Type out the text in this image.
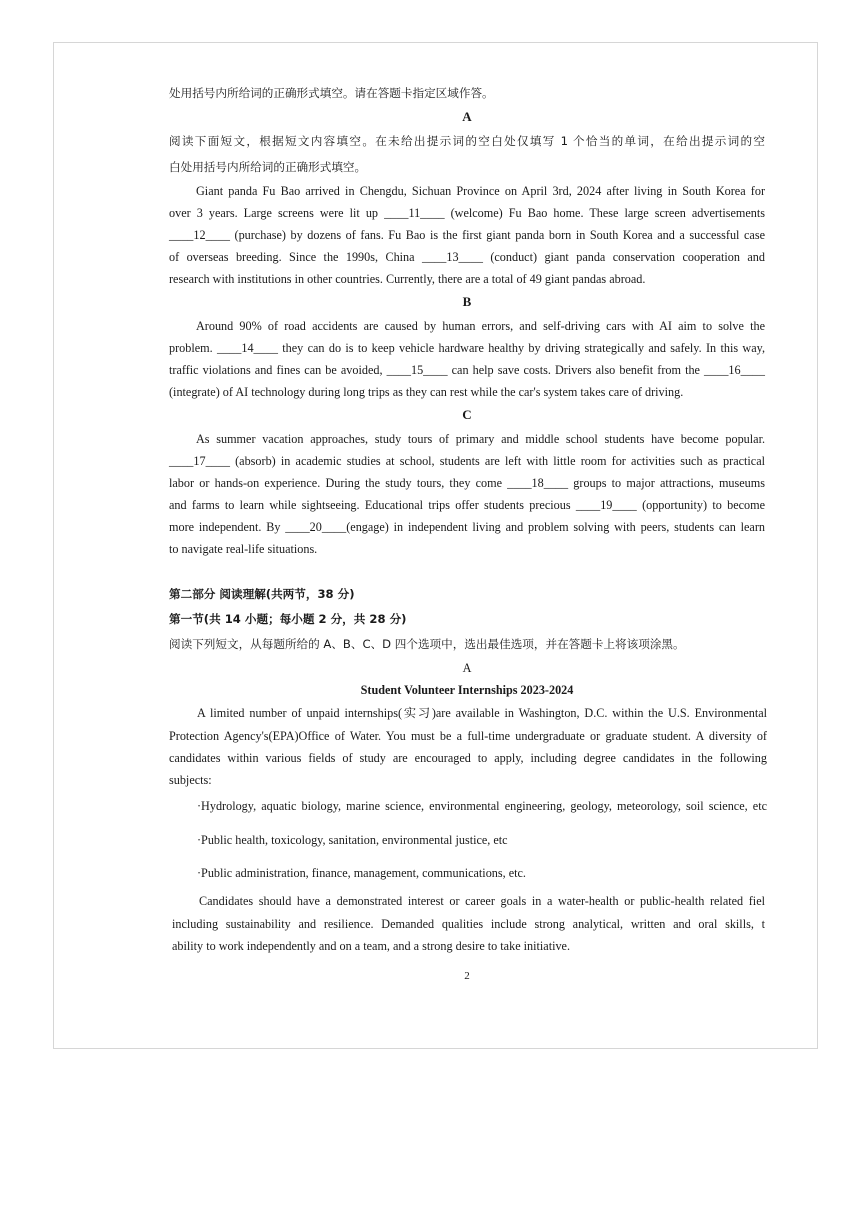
处用括号内所给词的正确形式填空。请在答题卡指定区域作答。
A
阅读下面短文，根据短文内容填空。在未给出提示词的空白处仅填写 1 个恰当的单词，在给出提示词的空
白处用括号内所给词的正确形式填空。
Giant panda Fu Bao arrived in Chengdu, Sichuan Province on April 3rd, 2024 after living in South Korea for
over 3 years. Large screens were lit up ____11____ (welcome) Fu Bao home. These large screen advertisements
____12____ (purchase) by dozens of fans. Fu Bao is the first giant panda born in South Korea and a successful case
of overseas breeding. Since the 1990s, China ____13____ (conduct) giant panda conservation cooperation and
research with institutions in other countries. Currently, there are a total of 49 giant pandas abroad.
B
Around 90% of road accidents are caused by human errors, and self-driving cars with AI aim to solve the
problem. ____14____ they can do is to keep vehicle hardware healthy by driving strategically and safely. In this way,
traffic violations and fines can be avoided, ____15____ can help save costs. Drivers also benefit from the ____16____
(integrate) of AI technology during long trips as they can rest while the car's system takes care of driving.
C
As summer vacation approaches, study tours of primary and middle school students have become popular.
____17____ (absorb) in academic studies at school, students are left with little room for activities such as practical
labor or hands-on experience. During the study tours, they come ____18____ groups to major attractions, museums
and farms to learn while sightseeing. Educational trips offer students precious ____19____ (opportunity) to become
more independent. By ____20____(engage) in independent living and problem solving with peers, students can learn
to navigate real-life situations.
第二部分 阅读理解(共两节，38 分)
第一节(共 14 小题；每小题 2 分，共 28 分)
阅读下列短文，从每题所给的 A、B、C、D 四个选项中，选出最佳选项，并在答题卡上将该项涂黑。
A
Student Volunteer Internships 2023-2024
A limited number of unpaid internships(实习)are available in Washington, D.C. within the U.S. Environmental
Protection Agency's(EPA)Office of Water. You must be a full-time undergraduate or graduate student. A diversity of
candidates within various fields of study are encouraged to apply, including degree candidates in the following
subjects:
·Hydrology, aquatic biology, marine science, environmental engineering, geology, meteorology, soil science, etc
·Public health, toxicology, sanitation, environmental justice, etc
·Public administration, finance, management, communications, etc.
Candidates should have a demonstrated interest or career goals in a water-health or public-health related fiel
including sustainability and resilience. Demanded qualities include strong analytical, written and oral skills, t
ability to work independently and on a team, and a strong desire to take initiative.
2
